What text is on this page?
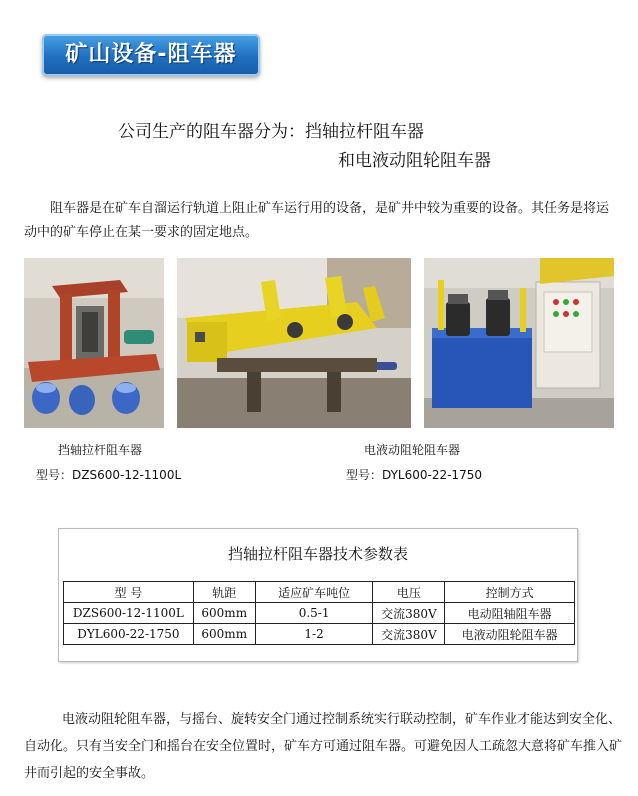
矿山设备-阻车器
公司生产的阻车器分为：挡轴拉杆阻车器
和电液动阻轮阻车器

阻车器是在矿车自溜运行轨道上阻止矿车运行用的设备，是矿井中较为重要的设备。其任务是将运动中的矿车停止在某一要求的固定地点。

挡轴拉杆阻车器
型号：DZS600-12-1100L
电液动阻轮阻车器
型号：DYL600-22-1750
挡轴拉杆阻车器技术参数表
型 号	轨距	适应矿车吨位	电压	控制方式
DZS600-12-1100L	600mm	0.5-1	交流380V	电动阻轴阻车器
DYL600-22-1750	600mm	1-2	交流380V	电液动阻轮阻车器

电液动阻轮阻车器，与摇台、旋转安全门通过控制系统实行联动控制，矿车作业才能达到安全化、自动化。只有当安全门和摇台在安全位置时，矿车方可通过阻车器。可避免因人工疏忽大意将矿车推入矿井而引起的安全事故。
